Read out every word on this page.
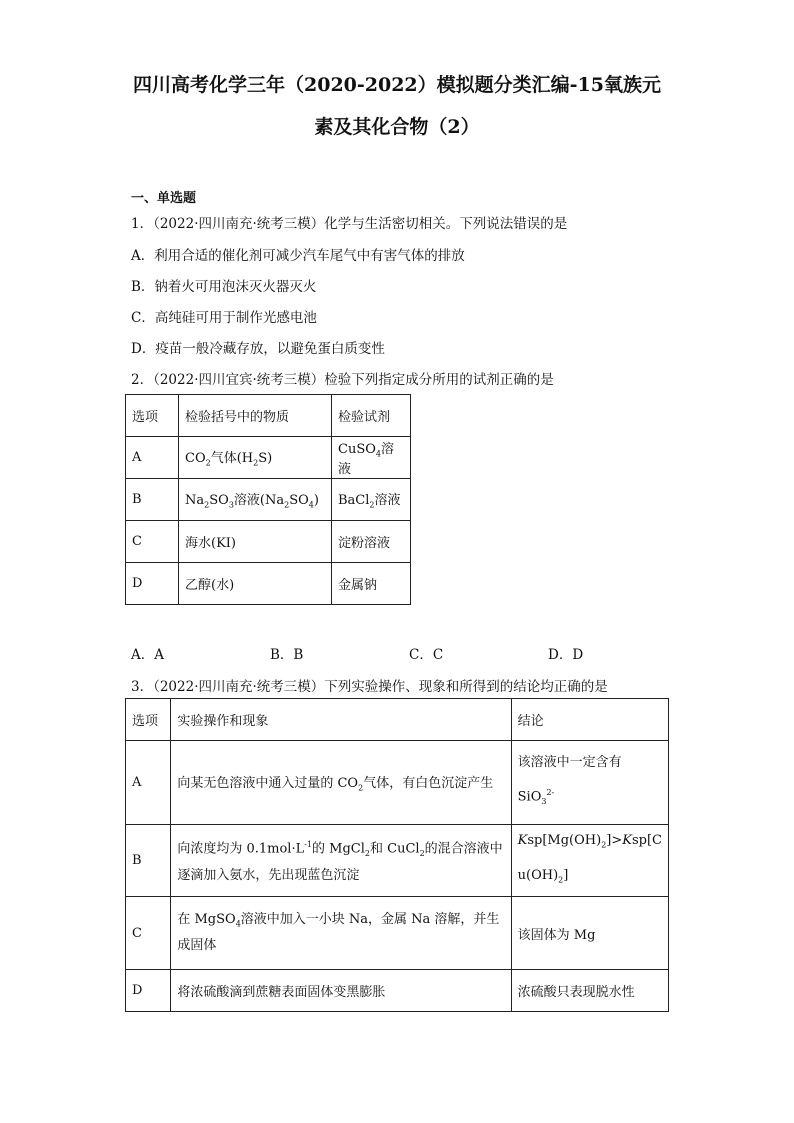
四川高考化学三年（2020-2022）模拟题分类汇编-15氧族元
素及其化合物（2）
一、单选题
1．（2022·四川南充·统考三模）化学与生活密切相关。下列说法错误的是
A．利用合适的催化剂可减少汽车尾气中有害气体的排放
B．钠着火可用泡沫灭火器灭火
C．高纯硅可用于制作光感电池
D．疫苗一般冷藏存放，以避免蛋白质变性
2．（2022·四川宜宾·统考三模）检验下列指定成分所用的试剂正确的是
选项	检验括号中的物质	检验试剂
A	$CO_2$气体$(H_2S)$	CuSO$_4$溶液
B	$Na_2SO_3$溶液$(Na_2SO_4)$	BaCl$_2$溶液
C	海水(KI)	淀粉溶液
D	乙醇(水)	金属钠
A．A	B．B	C．C	D．D
3．（2022·四川南充·统考三模）下列实验操作、现象和所得到的结论均正确的是
选项	实验操作和现象	结论
A	向某无色溶液中通入过量的 $CO_2$气体，有白色沉淀产生	该溶液中一定含有
SiO$_3^{2-}$
B	向浓度均为 $0.1mol\cdot L^{-1}$的 MgCl$_2$和 CuCl$_2$的混合溶液中
逐滴加入氨水，先出现蓝色沉淀	$Ksp[Mg(OH)_2]>Ksp[C$
$u(OH)_2$]
C	在 MgSO$_4$溶液中加入一小块 Na，金属 Na 溶解，并生
成固体	该固体为 Mg
D	将浓硫酸滴到蔗糖表面固体变黑膨胀	浓硫酸只表现脱水性
